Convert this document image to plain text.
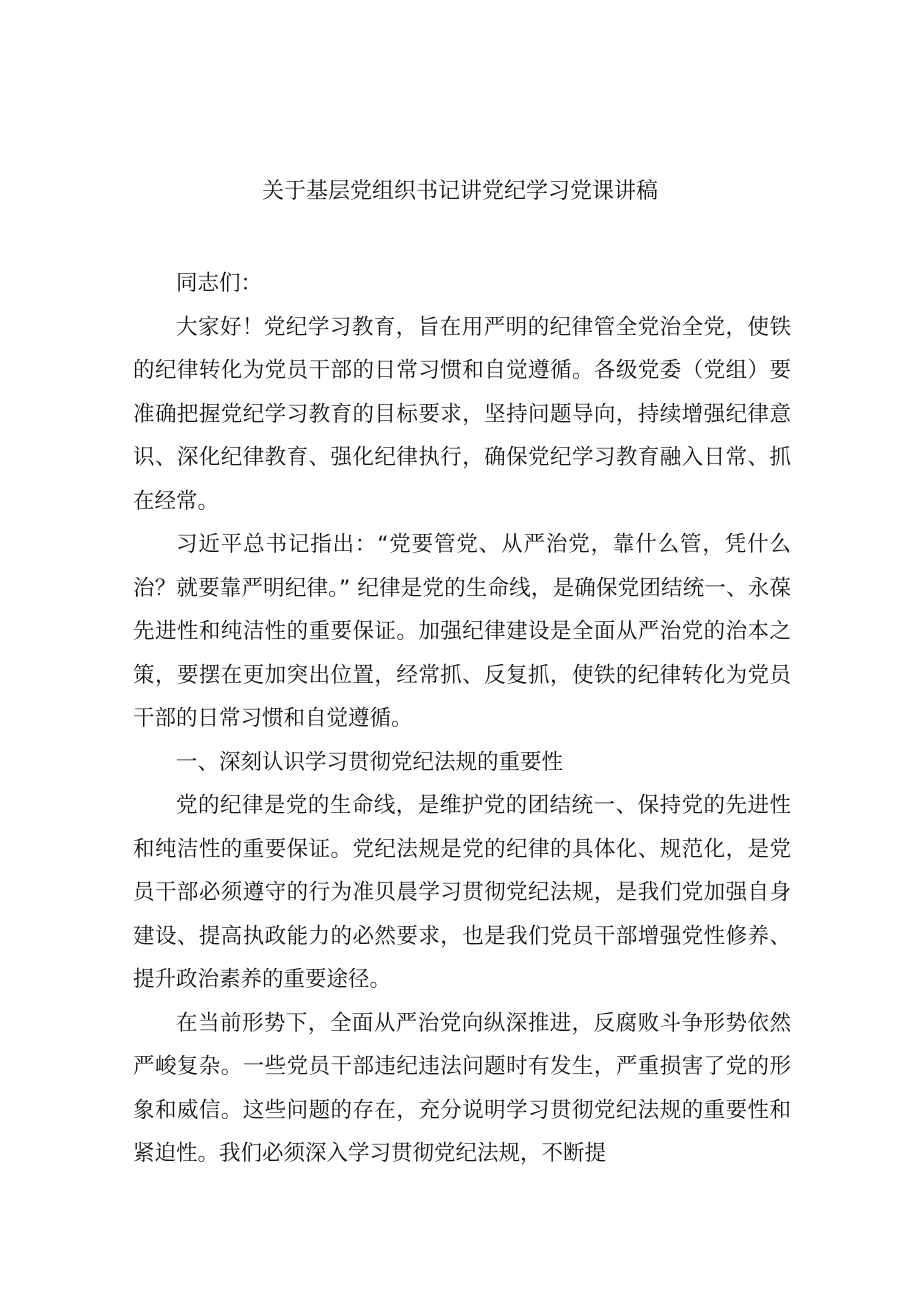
关于基层党组织书记讲党纪学习党课讲稿

同志们：

大家好！党纪学习教育，旨在用严明的纪律管全党治全党，使铁的纪律转化为党员干部的日常习惯和自觉遵循。各级党委（党组）要准确把握党纪学习教育的目标要求，坚持问题导向，持续增强纪律意识、深化纪律教育、强化纪律执行，确保党纪学习教育融入日常、抓在经常。

习近平总书记指出：“党要管党、从严治党，靠什么管，凭什么治？就要靠严明纪律。” 纪律是党的生命线，是确保党团结统一、永葆先进性和纯洁性的重要保证。加强纪律建设是全面从严治党的治本之策，要摆在更加突出位置，经常抓、反复抓，使铁的纪律转化为党员干部的日常习惯和自觉遵循。

一、深刻认识学习贯彻党纪法规的重要性

党的纪律是党的生命线，是维护党的团结统一、保持党的先进性和纯洁性的重要保证。党纪法规是党的纪律的具体化、规范化，是党员干部必须遵守的行为准贝晨学习贯彻党纪法规，是我们党加强自身建设、提高执政能力的必然要求，也是我们党员干部增强党性修养、提升政治素养的重要途径。

在当前形势下，全面从严治党向纵深推进，反腐败斗争形势依然严峻复杂。一些党员干部违纪违法问题时有发生，严重损害了党的形象和威信。这些问题的存在，充分说明学习贯彻党纪法规的重要性和紧迫性。我们必须深入学习贯彻党纪法规，不断提
